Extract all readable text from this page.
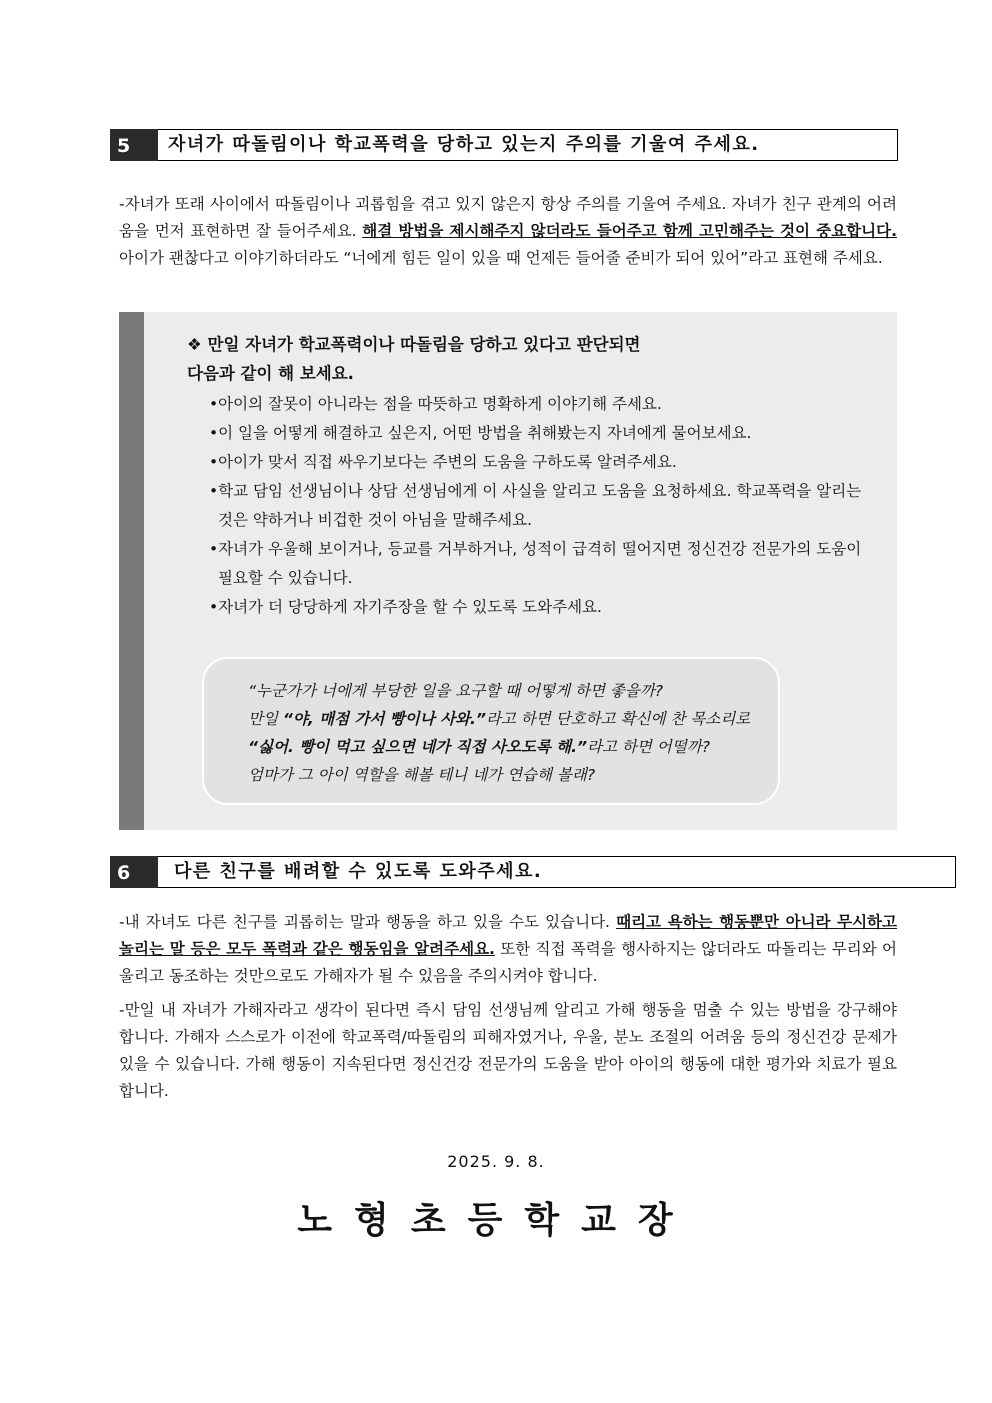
5	자녀가 따돌림이나 학교폭력을 당하고 있는지 주의를 기울여 주세요.

-자녀가 또래 사이에서 따돌림이나 괴롭힘을 겪고 있지 않은지 항상 주의를 기울여 주세요. 자녀가 친구 관계의 어려움을 먼저 표현하면 잘 들어주세요. 해결 방법을 제시해주지 않더라도 들어주고 함께 고민해주는 것이 중요합니다. 아이가 괜찮다고 이야기하더라도 “너에게 힘든 일이 있을 때 언제든 들어줄 준비가 되어 있어”라고 표현해 주세요.

❖ 만일 자녀가 학교폭력이나 따돌림을 당하고 있다고 판단되면
다음과 같이 해 보세요.
•아이의 잘못이 아니라는 점을 따뜻하고 명확하게 이야기해 주세요.
•이 일을 어떻게 해결하고 싶은지, 어떤 방법을 취해봤는지 자녀에게 물어보세요.
•아이가 맞서 직접 싸우기보다는 주변의 도움을 구하도록 알려주세요.
•학교 담임 선생님이나 상담 선생님에게 이 사실을 알리고 도움을 요청하세요. 학교폭력을 알리는 것은 약하거나 비겁한 것이 아님을 말해주세요.
•자녀가 우울해 보이거나, 등교를 거부하거나, 성적이 급격히 떨어지면 정신건강 전문가의 도움이 필요할 수 있습니다.
•자녀가 더 당당하게 자기주장을 할 수 있도록 도와주세요.
“누군가가 너에게 부당한 일을 요구할 때 어떻게 하면 좋을까?
만일 “야, 매점 가서 빵이나 사와.”라고 하면 단호하고 확신에 찬 목소리로
“싫어. 빵이 먹고 싶으면 네가 직접 사오도록 해.”라고 하면 어떨까?
엄마가 그 아이 역할을 해볼 테니 네가 연습해 볼래?
6	다른 친구를 배려할 수 있도록 도와주세요.

-내 자녀도 다른 친구를 괴롭히는 말과 행동을 하고 있을 수도 있습니다. 때리고 욕하는 행동뿐만 아니라 무시하고 놀리는 말 등은 모두 폭력과 같은 행동임을 알려주세요. 또한 직접 폭력을 행사하지는 않더라도 따돌리는 무리와 어울리고 동조하는 것만으로도 가해자가 될 수 있음을 주의시켜야 합니다.

-만일 내 자녀가 가해자라고 생각이 된다면 즉시 담임 선생님께 알리고 가해 행동을 멈출 수 있는 방법을 강구해야 합니다. 가해자 스스로가 이전에 학교폭력/따돌림의 피해자였거나, 우울, 분노 조절의 어려움 등의 정신건강 문제가 있을 수 있습니다. 가해 행동이 지속된다면 정신건강 전문가의 도움을 받아 아이의 행동에 대한 평가와 치료가 필요합니다.

2025. 9. 8.
노형초등학교장
